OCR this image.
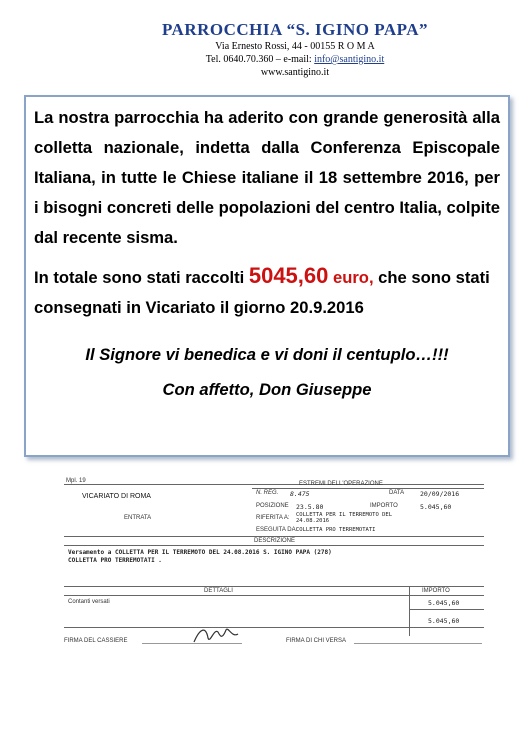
PARROCCHIA “S. IGINO PAPA”
Via Ernesto Rossi, 44 - 00155 R O M A
Tel. 0640.70.360 – e-mail: info@santigino.it
www.santigino.it

La nostra parrocchia ha aderito con grande generosità alla colletta nazionale, indetta dalla Conferenza Episcopale Italiana, in tutte le Chiese italiane il 18 settembre 2016, per i bisogni concreti delle popolazioni del centro Italia, colpite dal recente sisma.

In totale sono stati raccolti 5045,60 euro, che sono stati consegnati in Vicariato il giorno 20.9.2016

Il Signore vi benedica e vi doni il centuplo…!!!

Con affetto, Don Giuseppe

Mpl. 19
VICARIATO DI ROMA
ESTREMI DELL'OPERAZIONE
N. REG. 8.475	DATA 20/09/2016
POSIZIONE 23.5.80	IMPORTO	5.045,60
ENTRATA	RIFERITA A: COLLETTA PER IL TERREMOTO DEL
24.08.2016
ESEGUITA DA:
COLLETTA PRO TERREMOTATI
DESCRIZIONE
Versamento a COLLETTA PER IL TERREMOTO DEL 24.08.2016 S. IGINO PAPA (278)
COLLETTA PRO TERREMOTATI .
DETTAGLI	IMPORTO
Contanti versati	5.045,60
5.045,60
FIRMA DEL CASSIERE	FIRMA DI CHI VERSA
